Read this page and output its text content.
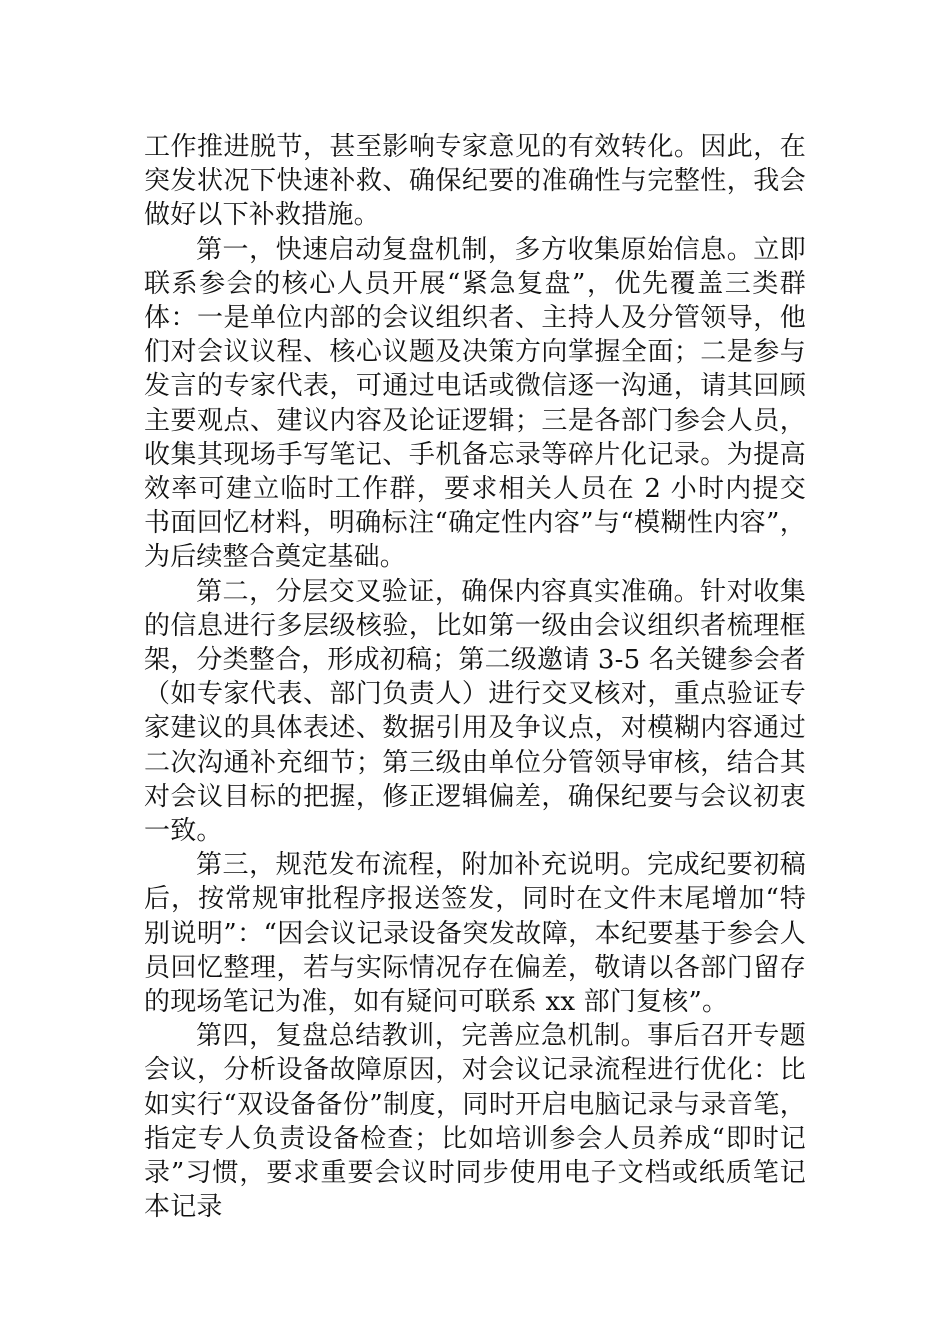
工作推进脱节，甚至影响专家意见的有效转化。因此，在突发状况下快速补救、确保纪要的准确性与完整性，我会做好以下补救措施。

第一，快速启动复盘机制，多方收集原始信息。立即联系参会的核心人员开展“紧急复盘”，优先覆盖三类群体：一是单位内部的会议组织者、主持人及分管领导，他们对会议议程、核心议题及决策方向掌握全面；二是参与发言的专家代表，可通过电话或微信逐一沟通，请其回顾主要观点、建议内容及论证逻辑；三是各部门参会人员，收集其现场手写笔记、手机备忘录等碎片化记录。为提高效率可建立临时工作群，要求相关人员在 2 小时内提交书面回忆材料，明确标注“确定性内容”与“模糊性内容”，为后续整合奠定基础。

第二，分层交叉验证，确保内容真实准确。针对收集的信息进行多层级核验，比如第一级由会议组织者梳理框架，分类整合，形成初稿；第二级邀请 3-5 名关键参会者（如专家代表、部门负责人）进行交叉核对，重点验证专家建议的具体表述、数据引用及争议点，对模糊内容通过二次沟通补充细节；第三级由单位分管领导审核，结合其对会议目标的把握，修正逻辑偏差，确保纪要与会议初衷一致。

第三，规范发布流程，附加补充说明。完成纪要初稿后，按常规审批程序报送签发，同时在文件末尾增加“特别说明”：“因会议记录设备突发故障，本纪要基于参会人员回忆整理，若与实际情况存在偏差，敬请以各部门留存的现场笔记为准，如有疑问可联系 xx 部门复核”。

第四，复盘总结教训，完善应急机制。事后召开专题会议，分析设备故障原因，对会议记录流程进行优化：比如实行“双设备备份”制度，同时开启电脑记录与录音笔，指定专人负责设备检查；比如培训参会人员养成“即时记录”习惯，要求重要会议时同步使用电子文档或纸质笔记本记录
